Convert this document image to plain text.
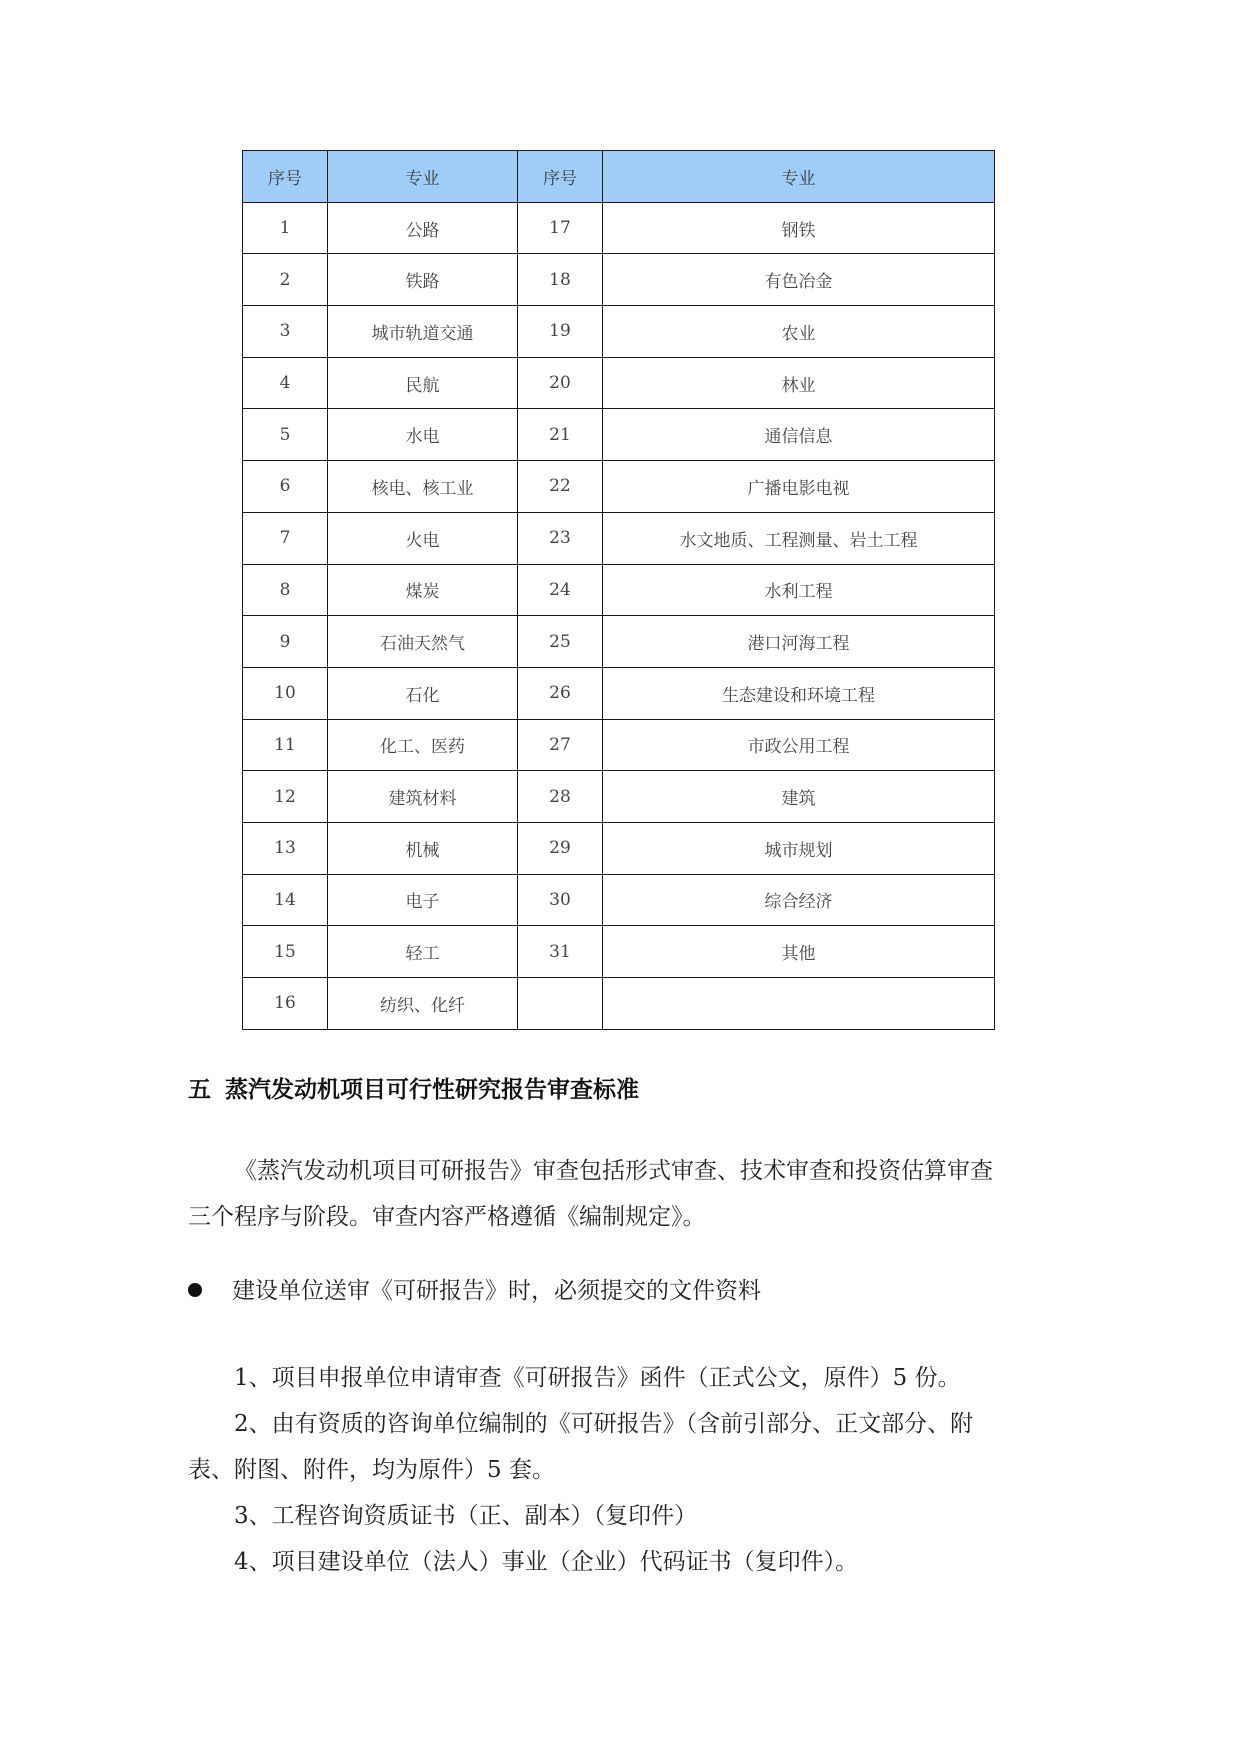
序号	专业	序号	专业
1	公路	17	钢铁
2	铁路	18	有色冶金
3	城市轨道交通	19	农业
4	民航	20	林业
5	水电	21	通信信息
6	核电、核工业	22	广播电影电视
7	火电	23	水文地质、工程测量、岩土工程
8	煤炭	24	水利工程
9	石油天然气	25	港口河海工程
10	石化	26	生态建设和环境工程
11	化工、医药	27	市政公用工程
12	建筑材料	28	建筑
13	机械	29	城市规划
14	电子	30	综合经济
15	轻工	31	其他
16	纺织、化纤		
五 蒸汽发动机项目可行性研究报告审查标准
《蒸汽发动机项目可研报告》审查包括形式审查、技术审查和投资估算审查
三个程序与阶段。审查内容严格遵循《编制规定》。
建设单位送审《可研报告》时，必须提交的文件资料
1、项目申报单位申请审查《可研报告》函件（正式公文，原件）5 份。
2、由有资质的咨询单位编制的《可研报告》（含前引部分、正文部分、附
表、附图、附件，均为原件）5 套。
3、工程咨询资质证书（正、副本）（复印件）
4、项目建设单位（法人）事业（企业）代码证书（复印件）。
